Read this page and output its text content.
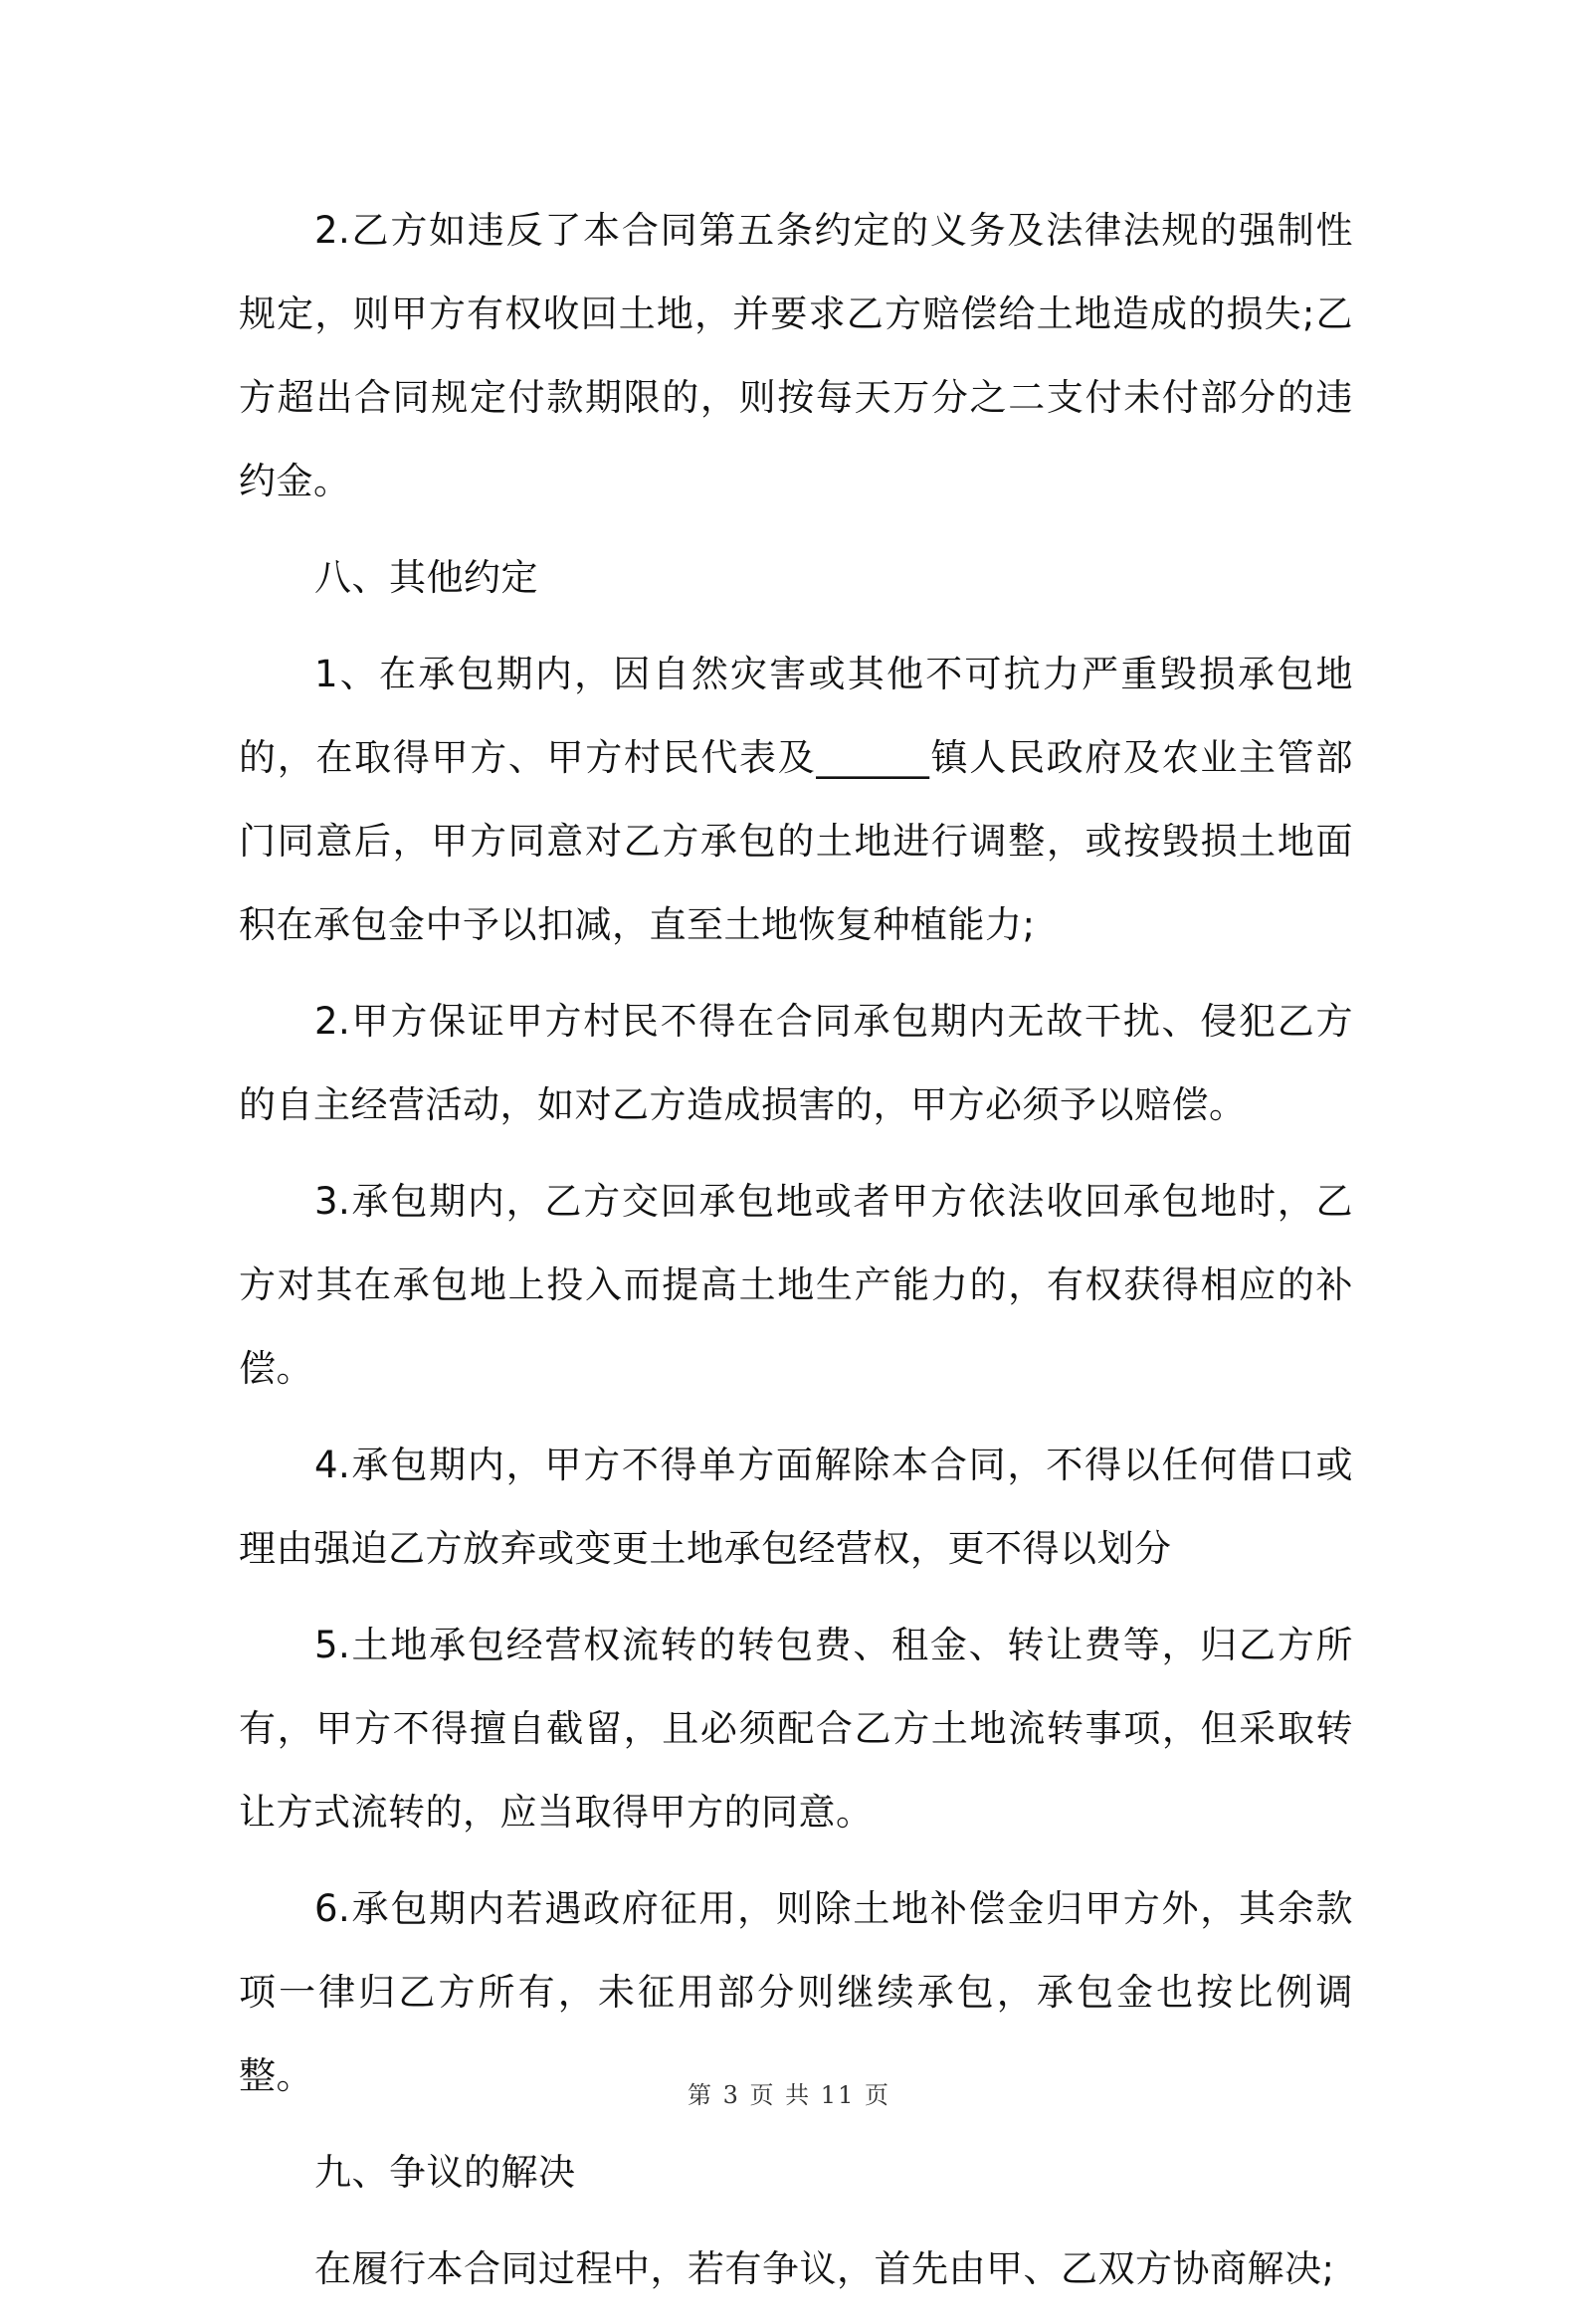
2.乙方如违反了本合同第五条约定的义务及法律法规的强制性规定，则甲方有权收回土地，并要求乙方赔偿给土地造成的损失;乙方超出合同规定付款期限的，则按每天万分之二支付未付部分的违约金。

八、其他约定

1、在承包期内，因自然灾害或其他不可抗力严重毁损承包地的，在取得甲方、甲方村民代表及______镇人民政府及农业主管部门同意后，甲方同意对乙方承包的土地进行调整，或按毁损土地面积在承包金中予以扣减，直至土地恢复种植能力;

2.甲方保证甲方村民不得在合同承包期内无故干扰、侵犯乙方的自主经营活动，如对乙方造成损害的，甲方必须予以赔偿。

3.承包期内，乙方交回承包地或者甲方依法收回承包地时，乙方对其在承包地上投入而提高土地生产能力的，有权获得相应的补偿。

4.承包期内，甲方不得单方面解除本合同，不得以任何借口或理由强迫乙方放弃或变更土地承包经营权，更不得以划分

5.土地承包经营权流转的转包费、租金、转让费等，归乙方所有，甲方不得擅自截留，且必须配合乙方土地流转事项，但采取转让方式流转的，应当取得甲方的同意。

6.承包期内若遇政府征用，则除土地补偿金归甲方外，其余款项一律归乙方所有，未征用部分则继续承包，承包金也按比例调整。

九、争议的解决

在履行本合同过程中，若有争议，首先由甲、乙双方协商解决;

第 3 页 共 11 页
